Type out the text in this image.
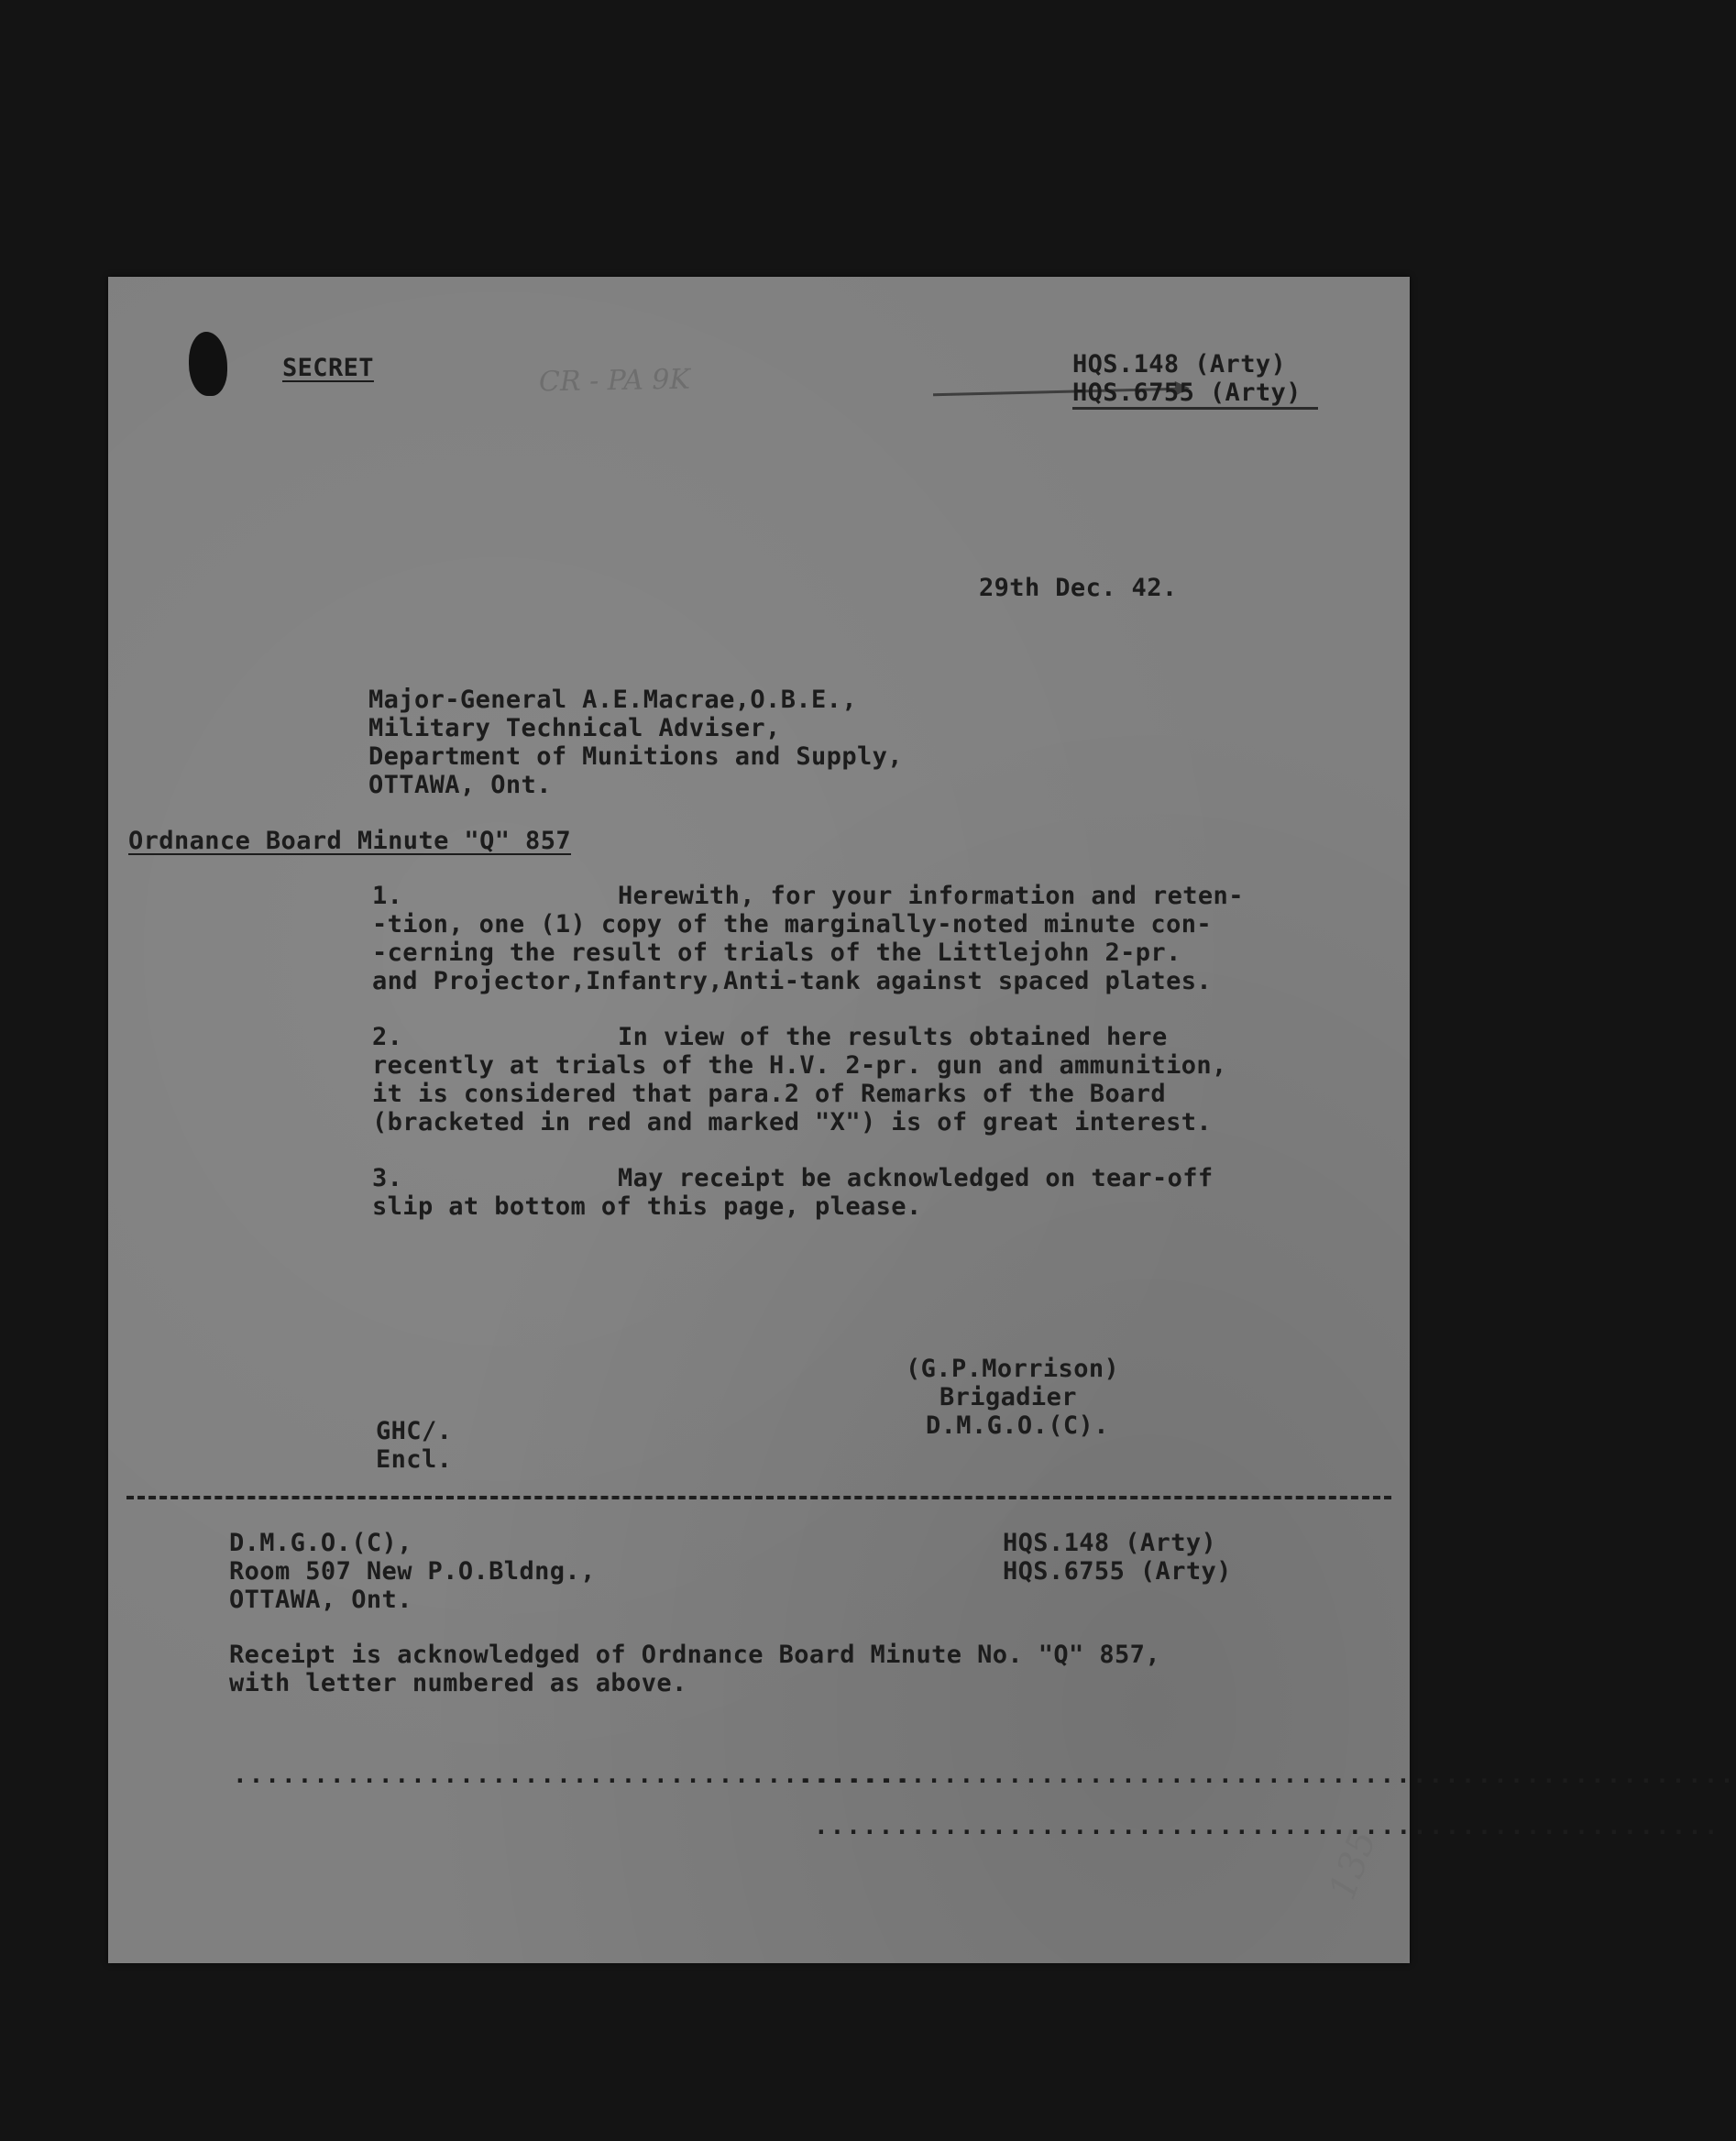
SECRET	CR - PA 9K	HQS.148 (Arty)

HQS.6755 (Arty)

29th Dec. 42.

Major-General A.E.Macrae,O.B.E.,

Military Technical Adviser,

Department of Munitions and Supply,

OTTAWA, Ont.

Ordnance Board Minute "Q" 857

1.	Herewith, for your information and reten-

-tion, one (1) copy of the marginally-noted minute con-

-cerning the result of trials of the Littlejohn 2-pr.

and Projector,Infantry,Anti-tank against spaced plates.

2.	In view of the results obtained here

recently at trials of the H.V. 2-pr. gun and ammunition,

it is considered that para.2 of Remarks of the Board

(bracketed in red and marked "X") is of great interest.

3.	May receipt be acknowledged on tear-off

slip at bottom of this page, please.

(G.P.Morrison)

Brigadier

D.M.G.O.(C).

GHC/.

Encl.

D.M.G.O.(C),

Room 507 New P.O.Bldng.,

OTTAWA, Ont.

HQS.148 (Arty)

HQS.6755 (Arty)

Receipt is acknowledged of Ordnance Board Minute No. "Q" 857,

with letter numbered as above.

..........................................

..........................................................

........................................................

135
